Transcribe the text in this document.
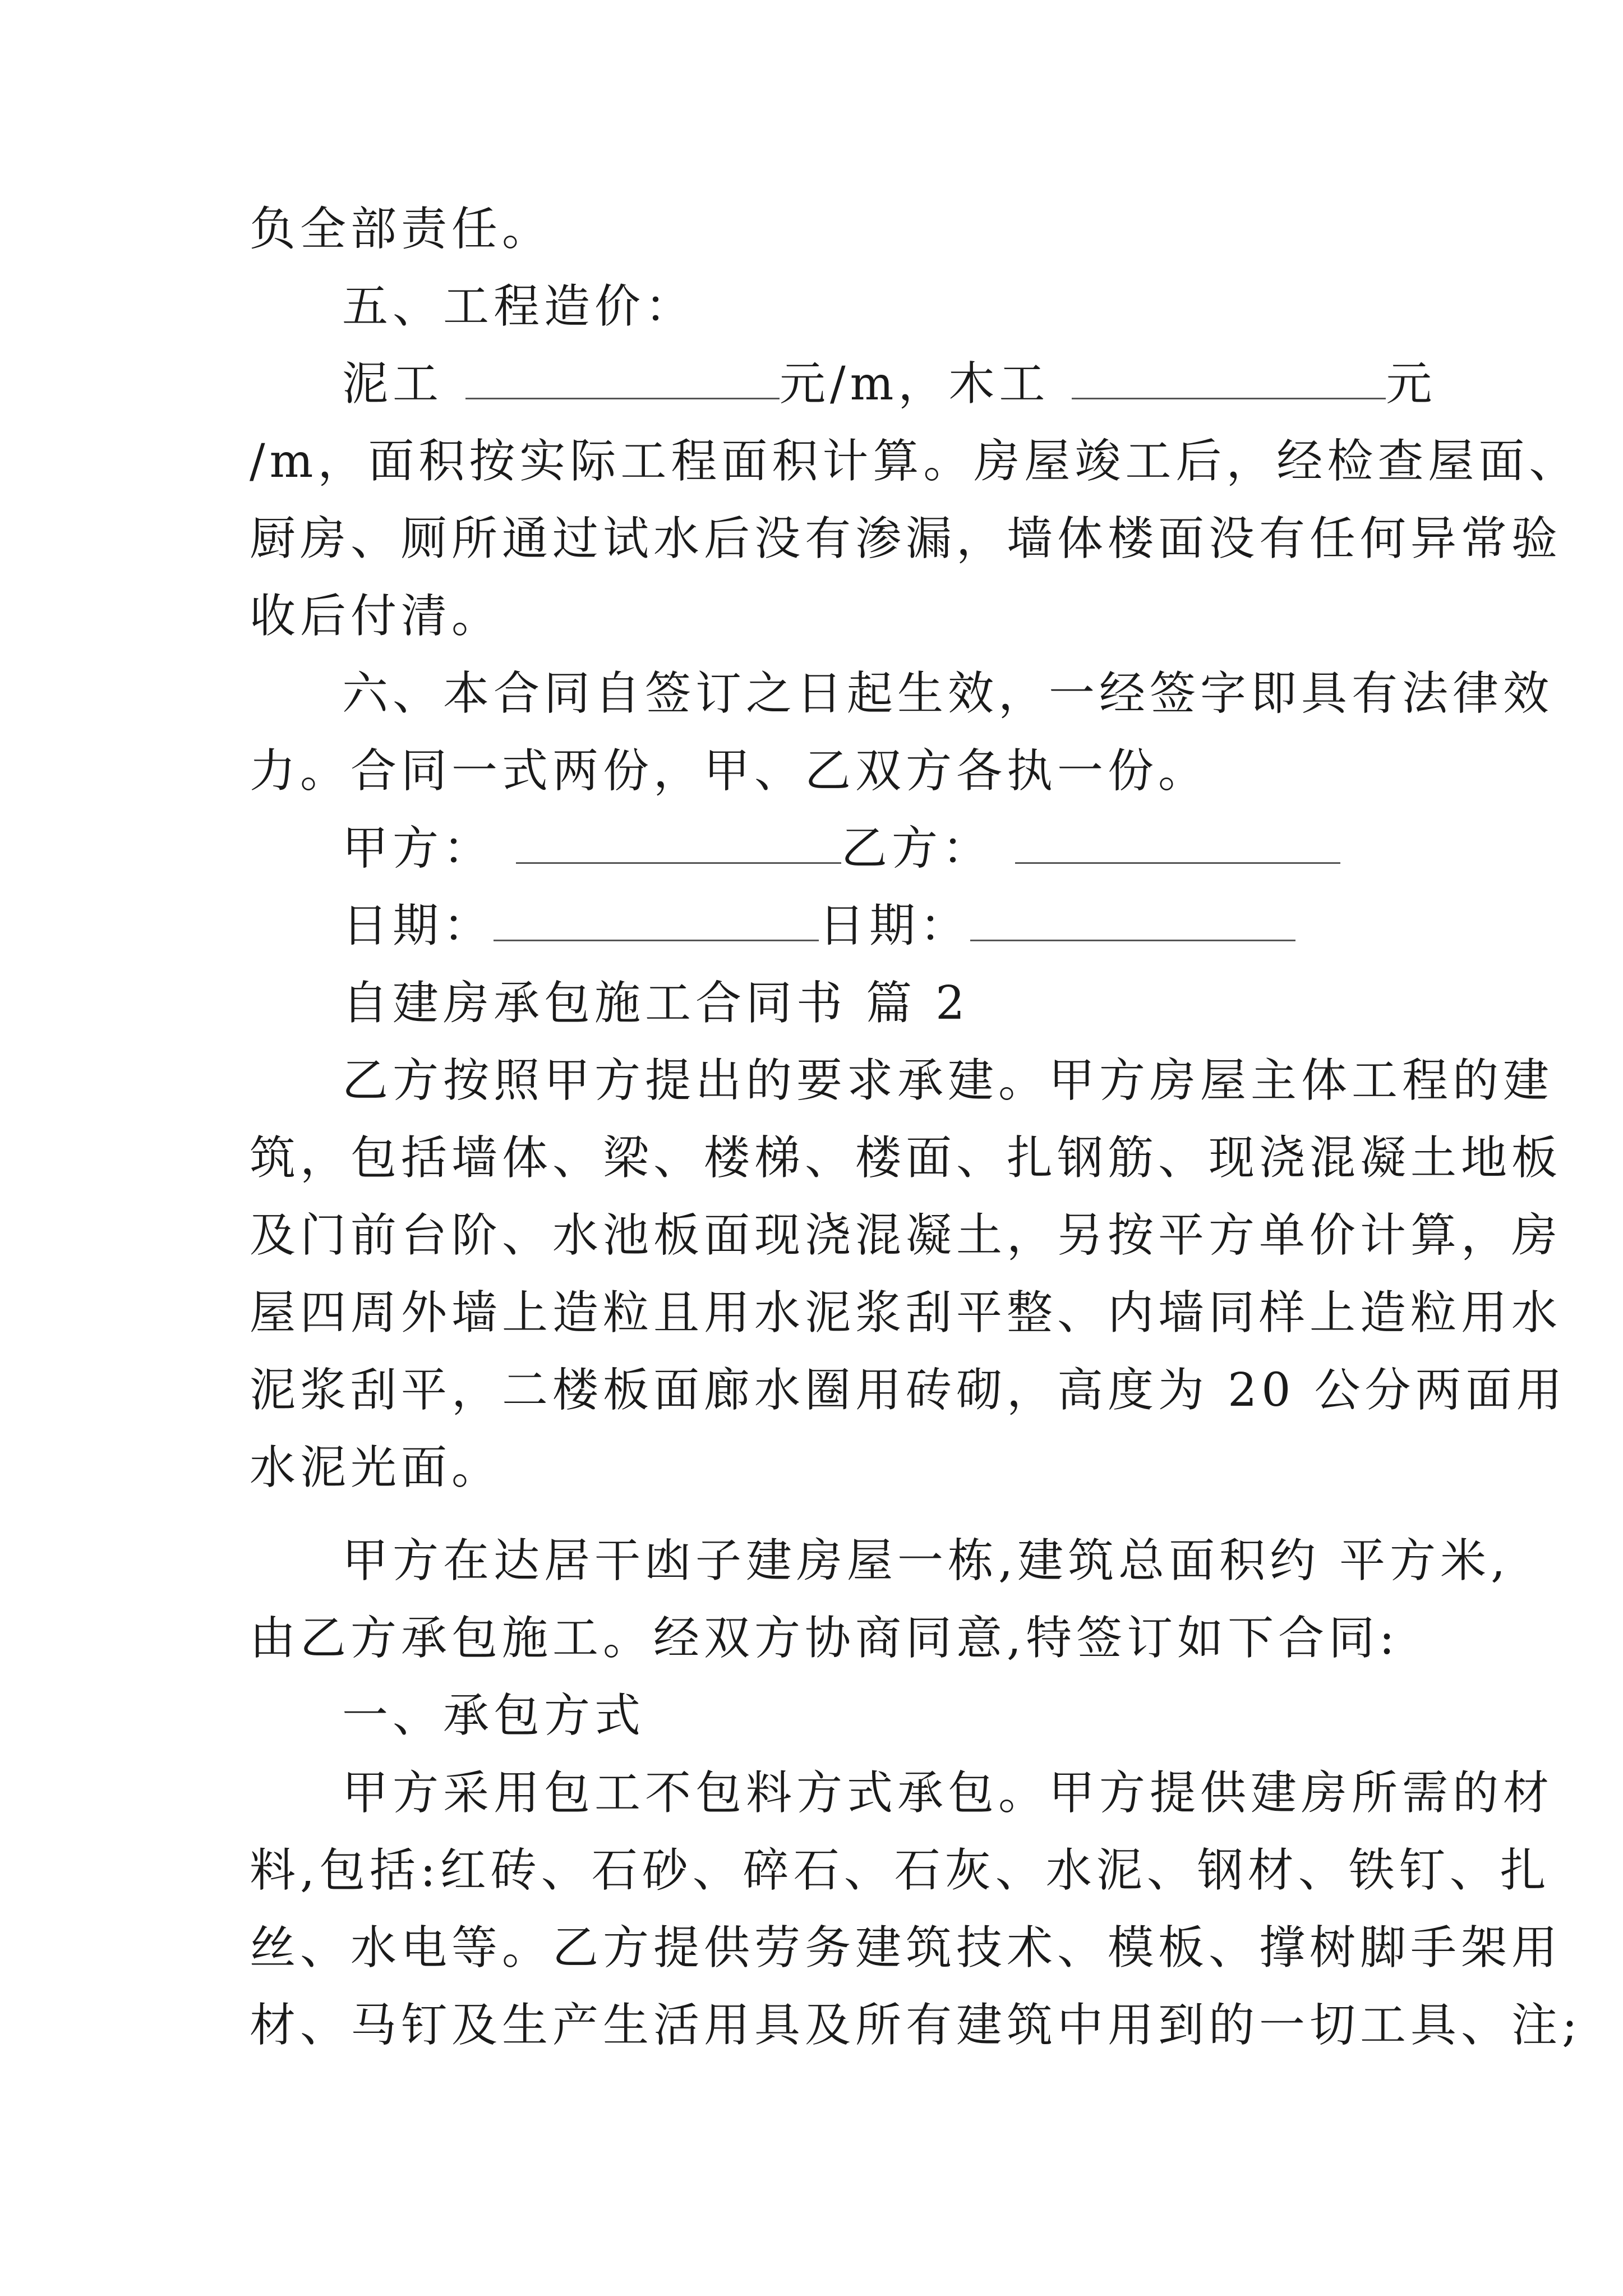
负全部责任。
五、工程造价：
泥工	元/m，木工	元
/m，面积按实际工程面积计算。房屋竣工后，经检查屋面、
厨房、厕所通过试水后没有渗漏，墙体楼面没有任何异常验
收后付清。
六、本合同自签订之日起生效，一经签字即具有法律效
力。合同一式两份，甲、乙双方各执一份。
甲方：	乙方：
日期：	日期：
自建房承包施工合同书 篇 2
乙方按照甲方提出的要求承建。甲方房屋主体工程的建
筑，包括墙体、梁、楼梯、楼面、扎钢筋、现浇混凝土地板
及门前台阶、水池板面现浇混凝土，另按平方单价计算，房
屋四周外墙上造粒且用水泥浆刮平整、内墙同样上造粒用水
泥浆刮平，二楼板面廊水圈用砖砌，高度为 20 公分两面用
水泥光面。
甲方在达居干凼子建房屋一栋,建筑总面积约 平方米,
由乙方承包施工。经双方协商同意,特签订如下合同:
一、承包方式
甲方采用包工不包料方式承包。甲方提供建房所需的材
料,包括:红砖、石砂、碎石、石灰、水泥、钢材、铁钉、扎
丝、水电等。乙方提供劳务建筑技术、模板、撑树脚手架用
材、马钉及生产生活用具及所有建筑中用到的一切工具、注;
